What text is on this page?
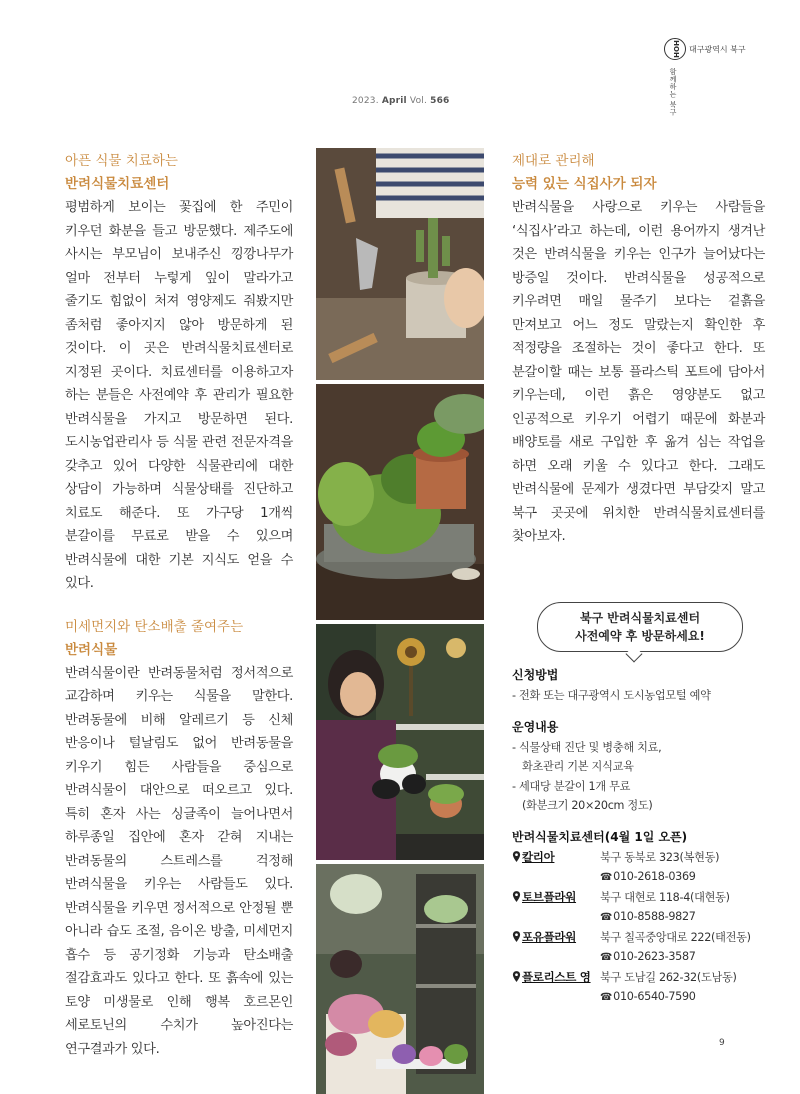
2023. April Vol. 566
HOH	대구광역시 북구
함께하는 북구
아픈 식물 치료하는
반려식물치료센터

평범하게 보이는 꽃집에 한 주민이 키우던 화분을 들고 방문했다. 제주도에 사시는 부모님이 보내주신 낑깡나무가 얼마 전부터 누렇게 잎이 말라가고 줄기도 힘없이 처져 영양제도 줘봤지만 좀처럼 좋아지지 않아 방문하게 된 것이다. 이 곳은 반려식물치료센터로 지정된 곳이다. 치료센터를 이용하고자 하는 분들은 사전예약 후 관리가 필요한 반려식물을 가지고 방문하면 된다. 도시농업관리사 등 식물 관련 전문자격을 갖추고 있어 다양한 식물관리에 대한 상담이 가능하며 식물상태를 진단하고 치료도 해준다. 또 가구당 1개씩 분갈이를 무료로 받을 수 있으며 반려식물에 대한 기본 지식도 얻을 수 있다.

미세먼지와 탄소배출 줄여주는
반려식물

반려식물이란 반려동물처럼 정서적으로 교감하며 키우는 식물을 말한다. 반려동물에 비해 알레르기 등 신체 반응이나 털날림도 없어 반려동물을 키우기 힘든 사람들을 중심으로 반려식물이 대안으로 떠오르고 있다. 특히 혼자 사는 싱글족이 늘어나면서 하루종일 집안에 혼자 갇혀 지내는 반려동물의 스트레스를 걱정해 반려식물을 키우는 사람들도 있다. 반려식물을 키우면 정서적으로 안정될 뿐 아니라 습도 조절, 음이온 방출, 미세먼지 흡수 등 공기정화 기능과 탄소배출 절감효과도 있다고 한다. 또 흙속에 있는 토양 미생물로 인해 행복 호르몬인 세로토닌의 수치가 높아진다는 연구결과가 있다.

제대로 관리해
능력 있는 식집사가 되자

반려식물을 사랑으로 키우는 사람들을 ‘식집사’라고 하는데, 이런 용어까지 생겨난 것은 반려식물을 키우는 인구가 늘어났다는 방증일 것이다. 반려식물을 성공적으로 키우려면 매일 물주기 보다는 겉흙을 만져보고 어느 정도 말랐는지 확인한 후 적정량을 조절하는 것이 좋다고 한다. 또 분갈이할 때는 보통 플라스틱 포트에 담아서 키우는데, 이런 흙은 영양분도 없고 인공적으로 키우기 어렵기 때문에 화분과 배양토를 새로 구입한 후 옮겨 심는 작업을 하면 오래 키울 수 있다고 한다. 그래도 반려식물에 문제가 생겼다면 부담갖지 말고 북구 곳곳에 위치한 반려식물치료센터를 찾아보자.

북구 반려식물치료센터
사전예약 후 방문하세요!
신청방법
- 전화 또는 대구광역시 도시농업모털 예약
운영내용
- 식물상태 진단 및 병충해 치료,
화초관리 기본 지식교육
- 세대당 분갈이 1개 무료
(화분크기 20×20cm 정도)
반려식물치료센터(4월 1일 오픈)
칼리아	북구 동북로 323(복현동)
☎010-2618-0369
토브플라워	북구 대현로 118-4(대현동)
☎010-8588-9827
포유플라워	북구 칠곡중앙대로 222(태전동)
☎010-2623-3587
플로리스트 영 북구 도남길 262-32(도남동)
☎010-6540-7590
9
